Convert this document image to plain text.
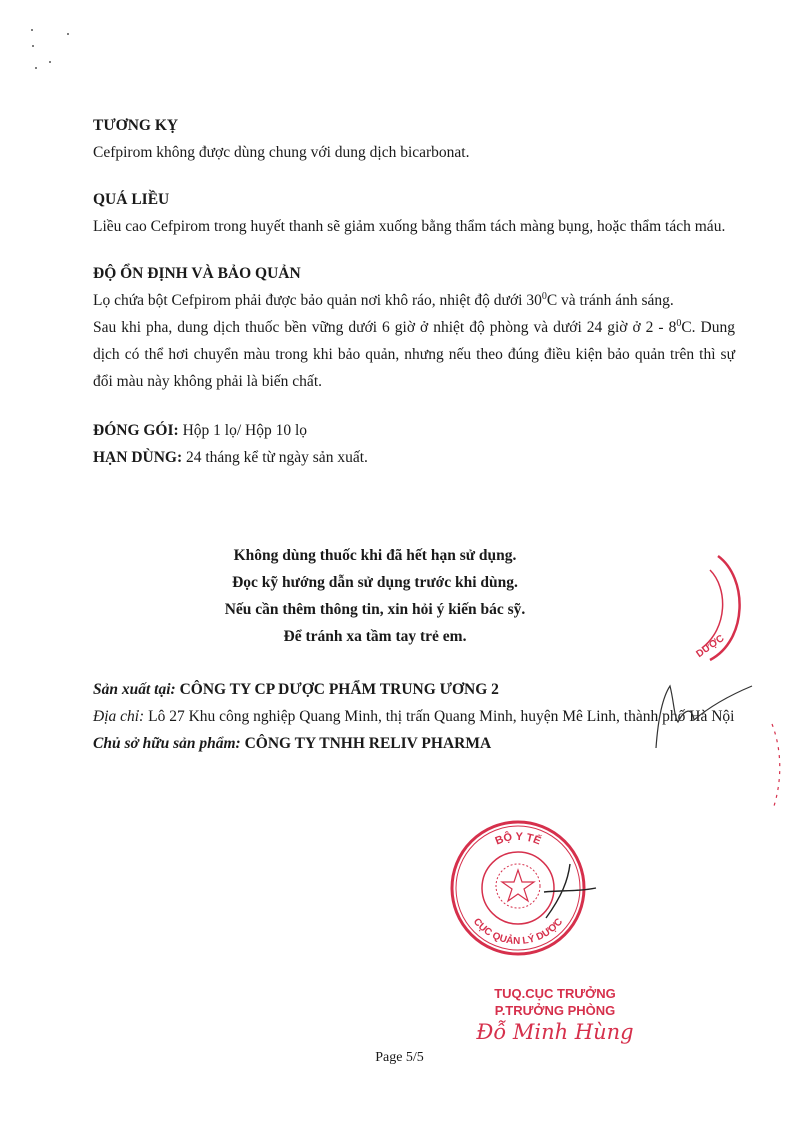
TƯƠNG KỴ

Cefpirom không được dùng chung với dung dịch bicarbonat.

QUÁ LIỀU

Liều cao Cefpirom trong huyết thanh sẽ giảm xuống bằng thẩm tách màng bụng, hoặc thẩm tách máu.

ĐỘ ỔN ĐỊNH VÀ BẢO QUẢN

Lọ chứa bột Cefpirom phải được bảo quản nơi khô ráo, nhiệt độ dưới $30^0C$ và tránh ánh sáng.

Sau khi pha, dung dịch thuốc bền vững dưới 6 giờ ở nhiệt độ phòng và dưới 24 giờ ở $2 - 8^0C$. Dung dịch có thể hơi chuyển màu trong khi bảo quản, nhưng nếu theo đúng điều kiện bảo quản trên thì sự đổi màu này không phải là biến chất.

ĐÓNG GÓI: Hộp 1 lọ/ Hộp 10 lọ

HẠN DÙNG: 24 tháng kể từ ngày sản xuất.

Không dùng thuốc khi đã hết hạn sử dụng.
Đọc kỹ hướng dẫn sử dụng trước khi dùng.
Nếu cần thêm thông tin, xin hỏi ý kiến bác sỹ.
Để tránh xa tầm tay trẻ em.	DƯỢC
Sản xuất tại: CÔNG TY CP DƯỢC PHẨM TRUNG ƯƠNG 2
Địa chỉ: Lô 27 Khu công nghiệp Quang Minh, thị trấn Quang Minh, huyện Mê Linh, thành phố Hà Nội
Chủ sở hữu sản phẩm: CÔNG TY TNHH RELIV PHARMA
BỘ Y TẾ
CỤC QUẢN LÝ DƯỢC
TUQ.CỤC TRƯỞNG
P.TRƯỞNG PHÒNG
Đỗ Minh Hùng
Page 5/5
